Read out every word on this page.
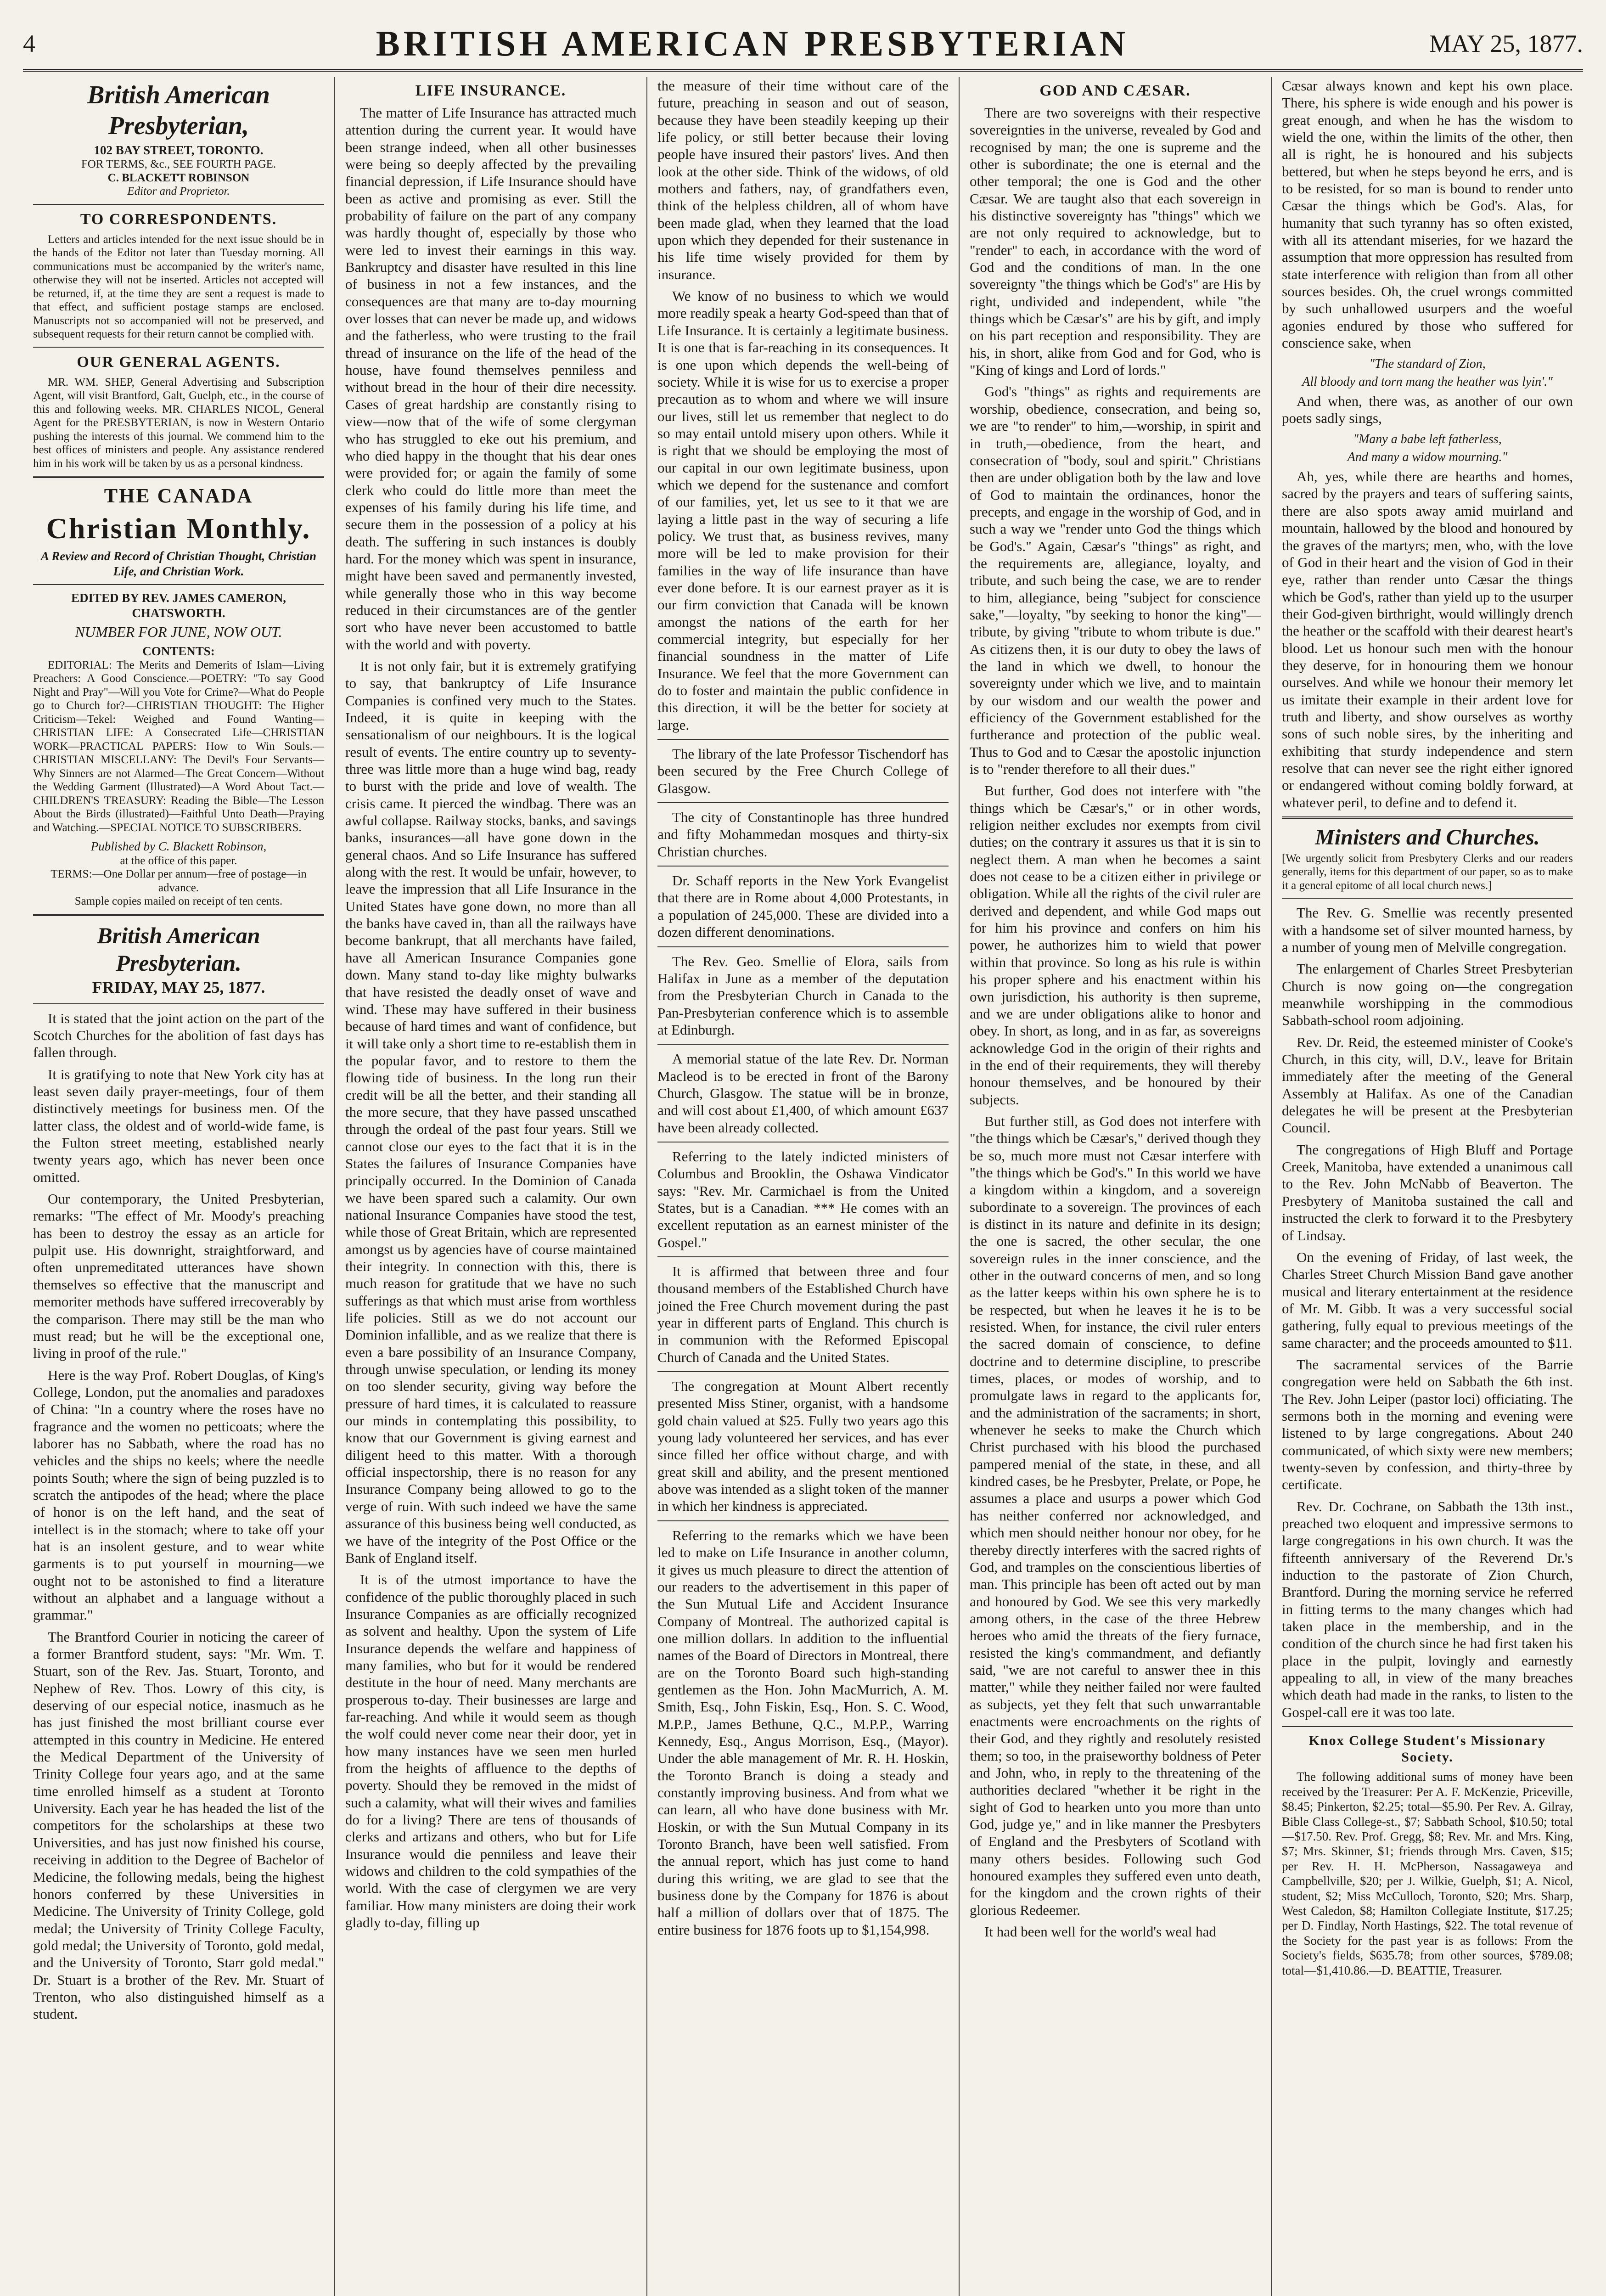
4	BRITISH AMERICAN PRESBYTERIAN	MAY 25, 1877.
British American Presbyterian,
102 BAY STREET, TORONTO.
FOR TERMS, &c., SEE FOURTH PAGE.
C. BLACKETT ROBINSON
Editor and Proprietor.
TO CORRESPONDENTS.

Letters and articles intended for the next issue should be in the hands of the Editor not later than Tuesday morning. All communications must be accompanied by the writer's name, otherwise they will not be inserted. Articles not accepted will be returned, if, at the time they are sent a request is made to that effect, and sufficient postage stamps are enclosed. Manuscripts not so accompanied will not be preserved, and subsequent requests for their return cannot be complied with.

OUR GENERAL AGENTS.

MR. WM. SHEP, General Advertising and Subscription Agent, will visit Brantford, Galt, Guelph, etc., in the course of this and following weeks. MR. CHARLES NICOL, General Agent for the PRESBYTERIAN, is now in Western Ontario pushing the interests of this journal. We commend him to the best offices of ministers and people. Any assistance rendered him in his work will be taken by us as a personal kindness.

THE CANADA
Christian Monthly.
A Review and Record of Christian Thought, Christian Life, and Christian Work.
EDITED BY REV. JAMES CAMERON, CHATSWORTH.
NUMBER FOR JUNE, NOW OUT.
CONTENTS:

EDITORIAL: The Merits and Demerits of Islam—Living Preachers: A Good Conscience.—POETRY: "To say Good Night and Pray"—Will you Vote for Crime?—What do People go to Church for?—CHRISTIAN THOUGHT: The Higher Criticism—Tekel: Weighed and Found Wanting—CHRISTIAN LIFE: A Consecrated Life—CHRISTIAN WORK—PRACTICAL PAPERS: How to Win Souls.—CHRISTIAN MISCELLANY: The Devil's Four Servants—Why Sinners are not Alarmed—The Great Concern—Without the Wedding Garment (Illustrated)—A Word About Tact.—CHILDREN'S TREASURY: Reading the Bible—The Lesson About the Birds (illustrated)—Faithful Unto Death—Praying and Watching.—SPECIAL NOTICE TO SUBSCRIBERS.

Published by C. Blackett Robinson,
at the office of this paper.
TERMS:—One Dollar per annum—free of postage—in advance.
Sample copies mailed on receipt of ten cents.
British American Presbyterian.
FRIDAY, MAY 25, 1877.

It is stated that the joint action on the part of the Scotch Churches for the abolition of fast days has fallen through.

It is gratifying to note that New York city has at least seven daily prayer-meetings, four of them distinctively meetings for business men. Of the latter class, the oldest and of world-wide fame, is the Fulton street meeting, established nearly twenty years ago, which has never been once omitted.

Our contemporary, the United Presbyterian, remarks: "The effect of Mr. Moody's preaching has been to destroy the essay as an article for pulpit use. His downright, straightforward, and often unpremeditated utterances have shown themselves so effective that the manuscript and memoriter methods have suffered irrecoverably by the comparison. There may still be the man who must read; but he will be the exceptional one, living in proof of the rule."

Here is the way Prof. Robert Douglas, of King's College, London, put the anomalies and paradoxes of China: "In a country where the roses have no fragrance and the women no petticoats; where the laborer has no Sabbath, where the road has no vehicles and the ships no keels; where the needle points South; where the sign of being puzzled is to scratch the antipodes of the head; where the place of honor is on the left hand, and the seat of intellect is in the stomach; where to take off your hat is an insolent gesture, and to wear white garments is to put yourself in mourning—we ought not to be astonished to find a literature without an alphabet and a language without a grammar."

The Brantford Courier in noticing the career of a former Brantford student, says: "Mr. Wm. T. Stuart, son of the Rev. Jas. Stuart, Toronto, and Nephew of Rev. Thos. Lowry of this city, is deserving of our especial notice, inasmuch as he has just finished the most brilliant course ever attempted in this country in Medicine. He entered the Medical Department of the University of Trinity College four years ago, and at the same time enrolled himself as a student at Toronto University. Each year he has headed the list of the competitors for the scholarships at these two Universities, and has just now finished his course, receiving in addition to the Degree of Bachelor of Medicine, the following medals, being the highest honors conferred by these Universities in Medicine. The University of Trinity College, gold medal; the University of Trinity College Faculty, gold medal; the University of Toronto, gold medal, and the University of Toronto, Starr gold medal." Dr. Stuart is a brother of the Rev. Mr. Stuart of Trenton, who also distinguished himself as a student.

LIFE INSURANCE.

The matter of Life Insurance has attracted much attention during the current year. It would have been strange indeed, when all other businesses were being so deeply affected by the prevailing financial depression, if Life Insurance should have been as active and promising as ever. Still the probability of failure on the part of any company was hardly thought of, especially by those who were led to invest their earnings in this way. Bankruptcy and disaster have resulted in this line of business in not a few instances, and the consequences are that many are to-day mourning over losses that can never be made up, and widows and the fatherless, who were trusting to the frail thread of insurance on the life of the head of the house, have found themselves penniless and without bread in the hour of their dire necessity. Cases of great hardship are constantly rising to view—now that of the wife of some clergyman who has struggled to eke out his premium, and who died happy in the thought that his dear ones were provided for; or again the family of some clerk who could do little more than meet the expenses of his family during his life time, and secure them in the possession of a policy at his death. The suffering in such instances is doubly hard. For the money which was spent in insurance, might have been saved and permanently invested, while generally those who in this way become reduced in their circumstances are of the gentler sort who have never been accustomed to battle with the world and with poverty.

It is not only fair, but it is extremely gratifying to say, that bankruptcy of Life Insurance Companies is confined very much to the States. Indeed, it is quite in keeping with the sensationalism of our neighbours. It is the logical result of events. The entire country up to seventy-three was little more than a huge wind bag, ready to burst with the pride and love of wealth. The crisis came. It pierced the windbag. There was an awful collapse. Railway stocks, banks, and savings banks, insurances—all have gone down in the general chaos. And so Life Insurance has suffered along with the rest. It would be unfair, however, to leave the impression that all Life Insurance in the United States have gone down, no more than all the banks have caved in, than all the railways have become bankrupt, that all merchants have failed, have all American Insurance Companies gone down. Many stand to-day like mighty bulwarks that have resisted the deadly onset of wave and wind. These may have suffered in their business because of hard times and want of confidence, but it will take only a short time to re-establish them in the popular favor, and to restore to them the flowing tide of business. In the long run their credit will be all the better, and their standing all the more secure, that they have passed unscathed through the ordeal of the past four years. Still we cannot close our eyes to the fact that it is in the States the failures of Insurance Companies have principally occurred. In the Dominion of Canada we have been spared such a calamity. Our own national Insurance Companies have stood the test, while those of Great Britain, which are represented amongst us by agencies have of course maintained their integrity. In connection with this, there is much reason for gratitude that we have no such sufferings as that which must arise from worthless life policies. Still as we do not account our Dominion infallible, and as we realize that there is even a bare possibility of an Insurance Company, through unwise speculation, or lending its money on too slender security, giving way before the pressure of hard times, it is calculated to reassure our minds in contemplating this possibility, to know that our Government is giving earnest and diligent heed to this matter. With a thorough official inspectorship, there is no reason for any Insurance Company being allowed to go to the verge of ruin. With such indeed we have the same assurance of this business being well conducted, as we have of the integrity of the Post Office or the Bank of England itself.

It is of the utmost importance to have the confidence of the public thoroughly placed in such Insurance Companies as are officially recognized as solvent and healthy. Upon the system of Life Insurance depends the welfare and happiness of many families, who but for it would be rendered destitute in the hour of need. Many merchants are prosperous to-day. Their businesses are large and far-reaching. And while it would seem as though the wolf could never come near their door, yet in how many instances have we seen men hurled from the heights of affluence to the depths of poverty. Should they be removed in the midst of such a calamity, what will their wives and families do for a living? There are tens of thousands of clerks and artizans and others, who but for Life Insurance would die penniless and leave their widows and children to the cold sympathies of the world. With the case of clergymen we are very familiar. How many ministers are doing their work gladly to-day, filling up

the measure of their time without care of the future, preaching in season and out of season, because they have been steadily keeping up their life policy, or still better because their loving people have insured their pastors' lives. And then look at the other side. Think of the widows, of old mothers and fathers, nay, of grandfathers even, think of the helpless children, all of whom have been made glad, when they learned that the load upon which they depended for their sustenance in his life time wisely provided for them by insurance.

We know of no business to which we would more readily speak a hearty God-speed than that of Life Insurance. It is certainly a legitimate business. It is one that is far-reaching in its consequences. It is one upon which depends the well-being of society. While it is wise for us to exercise a proper precaution as to whom and where we will insure our lives, still let us remember that neglect to do so may entail untold misery upon others. While it is right that we should be employing the most of our capital in our own legitimate business, upon which we depend for the sustenance and comfort of our families, yet, let us see to it that we are laying a little past in the way of securing a life policy. We trust that, as business revives, many more will be led to make provision for their families in the way of life insurance than have ever done before. It is our earnest prayer as it is our firm conviction that Canada will be known amongst the nations of the earth for her commercial integrity, but especially for her financial soundness in the matter of Life Insurance. We feel that the more Government can do to foster and maintain the public confidence in this direction, it will be the better for society at large.

The library of the late Professor Tischendorf has been secured by the Free Church College of Glasgow.

The city of Constantinople has three hundred and fifty Mohammedan mosques and thirty-six Christian churches.

Dr. Schaff reports in the New York Evangelist that there are in Rome about 4,000 Protestants, in a population of 245,000. These are divided into a dozen different denominations.

The Rev. Geo. Smellie of Elora, sails from Halifax in June as a member of the deputation from the Presbyterian Church in Canada to the Pan-Presbyterian conference which is to assemble at Edinburgh.

A memorial statue of the late Rev. Dr. Norman Macleod is to be erected in front of the Barony Church, Glasgow. The statue will be in bronze, and will cost about £1,400, of which amount £637 have been already collected.

Referring to the lately indicted ministers of Columbus and Brooklin, the Oshawa Vindicator says: "Rev. Mr. Carmichael is from the United States, but is a Canadian. *** He comes with an excellent reputation as an earnest minister of the Gospel."

It is affirmed that between three and four thousand members of the Established Church have joined the Free Church movement during the past year in different parts of England. This church is in communion with the Reformed Episcopal Church of Canada and the United States.

The congregation at Mount Albert recently presented Miss Stiner, organist, with a handsome gold chain valued at $25. Fully two years ago this young lady volunteered her services, and has ever since filled her office without charge, and with great skill and ability, and the present mentioned above was intended as a slight token of the manner in which her kindness is appreciated.

Referring to the remarks which we have been led to make on Life Insurance in another column, it gives us much pleasure to direct the attention of our readers to the advertisement in this paper of the Sun Mutual Life and Accident Insurance Company of Montreal. The authorized capital is one million dollars. In addition to the influential names of the Board of Directors in Montreal, there are on the Toronto Board such high-standing gentlemen as the Hon. John MacMurrich, A. M. Smith, Esq., John Fiskin, Esq., Hon. S. C. Wood, M.P.P., James Bethune, Q.C., M.P.P., Warring Kennedy, Esq., Angus Morrison, Esq., (Mayor). Under the able management of Mr. R. H. Hoskin, the Toronto Branch is doing a steady and constantly improving business. And from what we can learn, all who have done business with Mr. Hoskin, or with the Sun Mutual Company in its Toronto Branch, have been well satisfied. From the annual report, which has just come to hand during this writing, we are glad to see that the business done by the Company for 1876 is about half a million of dollars over that of 1875. The entire business for 1876 foots up to $1,154,998.

GOD AND CÆSAR.

There are two sovereigns with their respective sovereignties in the universe, revealed by God and recognised by man; the one is supreme and the other is subordinate; the one is eternal and the other temporal; the one is God and the other Cæsar. We are taught also that each sovereign in his distinctive sovereignty has "things" which we are not only required to acknowledge, but to "render" to each, in accordance with the word of God and the conditions of man. In the one sovereignty "the things which be God's" are His by right, undivided and independent, while "the things which be Cæsar's" are his by gift, and imply on his part reception and responsibility. They are his, in short, alike from God and for God, who is "King of kings and Lord of lords."

God's "things" as rights and requirements are worship, obedience, consecration, and being so, we are "to render" to him,—worship, in spirit and in truth,—obedience, from the heart, and consecration of "body, soul and spirit." Christians then are under obligation both by the law and love of God to maintain the ordinances, honor the precepts, and engage in the worship of God, and in such a way we "render unto God the things which be God's." Again, Cæsar's "things" as right, and the requirements are, allegiance, loyalty, and tribute, and such being the case, we are to render to him, allegiance, being "subject for conscience sake,"—loyalty, "by seeking to honor the king"—tribute, by giving "tribute to whom tribute is due." As citizens then, it is our duty to obey the laws of the land in which we dwell, to honour the sovereignty under which we live, and to maintain by our wisdom and our wealth the power and efficiency of the Government established for the furtherance and protection of the public weal. Thus to God and to Cæsar the apostolic injunction is to "render therefore to all their dues."

But further, God does not interfere with "the things which be Cæsar's," or in other words, religion neither excludes nor exempts from civil duties; on the contrary it assures us that it is sin to neglect them. A man when he becomes a saint does not cease to be a citizen either in privilege or obligation. While all the rights of the civil ruler are derived and dependent, and while God maps out for him his province and confers on him his power, he authorizes him to wield that power within that province. So long as his rule is within his proper sphere and his enactment within his own jurisdiction, his authority is then supreme, and we are under obligations alike to honor and obey. In short, as long, and in as far, as sovereigns acknowledge God in the origin of their rights and in the end of their requirements, they will thereby honour themselves, and be honoured by their subjects.

But further still, as God does not interfere with "the things which be Cæsar's," derived though they be so, much more must not Cæsar interfere with "the things which be God's." In this world we have a kingdom within a kingdom, and a sovereign subordinate to a sovereign. The provinces of each is distinct in its nature and definite in its design; the one is sacred, the other secular, the one sovereign rules in the inner conscience, and the other in the outward concerns of men, and so long as the latter keeps within his own sphere he is to be respected, but when he leaves it he is to be resisted. When, for instance, the civil ruler enters the sacred domain of conscience, to define doctrine and to determine discipline, to prescribe times, places, or modes of worship, and to promulgate laws in regard to the applicants for, and the administration of the sacraments; in short, whenever he seeks to make the Church which Christ purchased with his blood the purchased pampered menial of the state, in these, and all kindred cases, be he Presbyter, Prelate, or Pope, he assumes a place and usurps a power which God has neither conferred nor acknowledged, and which men should neither honour nor obey, for he thereby directly interferes with the sacred rights of God, and tramples on the conscientious liberties of man. This principle has been oft acted out by man and honoured by God. We see this very markedly among others, in the case of the three Hebrew heroes who amid the threats of the fiery furnace, resisted the king's commandment, and defiantly said, "we are not careful to answer thee in this matter," while they neither failed nor were faulted as subjects, yet they felt that such unwarrantable enactments were encroachments on the rights of their God, and they rightly and resolutely resisted them; so too, in the praiseworthy boldness of Peter and John, who, in reply to the threatening of the authorities declared "whether it be right in the sight of God to hearken unto you more than unto God, judge ye," and in like manner the Presbyters of England and the Presbyters of Scotland with many others besides. Following such God honoured examples they suffered even unto death, for the kingdom and the crown rights of their glorious Redeemer.

It had been well for the world's weal had

Cæsar always known and kept his own place. There, his sphere is wide enough and his power is great enough, and when he has the wisdom to wield the one, within the limits of the other, then all is right, he is honoured and his subjects bettered, but when he steps beyond he errs, and is to be resisted, for so man is bound to render unto Cæsar the things which be God's. Alas, for humanity that such tyranny has so often existed, with all its attendant miseries, for we hazard the assumption that more oppression has resulted from state interference with religion than from all other sources besides. Oh, the cruel wrongs committed by such unhallowed usurpers and the woeful agonies endured by those who suffered for conscience sake, when

"The standard of Zion,
All bloody and torn mang the heather was lyin'."

And when, there was, as another of our own poets sadly sings,

"Many a babe left fatherless,
And many a widow mourning."

Ah, yes, while there are hearths and homes, sacred by the prayers and tears of suffering saints, there are also spots away amid muirland and mountain, hallowed by the blood and honoured by the graves of the martyrs; men, who, with the love of God in their heart and the vision of God in their eye, rather than render unto Cæsar the things which be God's, rather than yield up to the usurper their God-given birthright, would willingly drench the heather or the scaffold with their dearest heart's blood. Let us honour such men with the honour they deserve, for in honouring them we honour ourselves. And while we honour their memory let us imitate their example in their ardent love for truth and liberty, and show ourselves as worthy sons of such noble sires, by the inheriting and exhibiting that sturdy independence and stern resolve that can never see the right either ignored or endangered without coming boldly forward, at whatever peril, to define and to defend it.

Ministers and Churches.

[We urgently solicit from Presbytery Clerks and our readers generally, items for this department of our paper, so as to make it a general epitome of all local church news.]

The Rev. G. Smellie was recently presented with a handsome set of silver mounted harness, by a number of young men of Melville congregation.

The enlargement of Charles Street Presbyterian Church is now going on—the congregation meanwhile worshipping in the commodious Sabbath-school room adjoining.

Rev. Dr. Reid, the esteemed minister of Cooke's Church, in this city, will, D.V., leave for Britain immediately after the meeting of the General Assembly at Halifax. As one of the Canadian delegates he will be present at the Presbyterian Council.

The congregations of High Bluff and Portage Creek, Manitoba, have extended a unanimous call to the Rev. John McNabb of Beaverton. The Presbytery of Manitoba sustained the call and instructed the clerk to forward it to the Presbytery of Lindsay.

On the evening of Friday, of last week, the Charles Street Church Mission Band gave another musical and literary entertainment at the residence of Mr. M. Gibb. It was a very successful social gathering, fully equal to previous meetings of the same character; and the proceeds amounted to $11.

The sacramental services of the Barrie congregation were held on Sabbath the 6th inst. The Rev. John Leiper (pastor loci) officiating. The sermons both in the morning and evening were listened to by large congregations. About 240 communicated, of which sixty were new members; twenty-seven by confession, and thirty-three by certificate.

Rev. Dr. Cochrane, on Sabbath the 13th inst., preached two eloquent and impressive sermons to large congregations in his own church. It was the fifteenth anniversary of the Reverend Dr.'s induction to the pastorate of Zion Church, Brantford. During the morning service he referred in fitting terms to the many changes which had taken place in the membership, and in the condition of the church since he had first taken his place in the pulpit, lovingly and earnestly appealing to all, in view of the many breaches which death had made in the ranks, to listen to the Gospel-call ere it was too late.

Knox College Student's Missionary Society.

The following additional sums of money have been received by the Treasurer: Per A. F. McKenzie, Priceville, $8.45; Pinkerton, $2.25; total—$5.90. Per Rev. A. Gilray, Bible Class College-st., $7; Sabbath School, $10.50; total—$17.50. Rev. Prof. Gregg, $8; Rev. Mr. and Mrs. King, $7; Mrs. Skinner, $1; friends through Mrs. Caven, $15; per Rev. H. H. McPherson, Nassagaweya and Campbellville, $20; per J. Wilkie, Guelph, $1; A. Nicol, student, $2; Miss McCulloch, Toronto, $20; Mrs. Sharp, West Caledon, $8; Hamilton Collegiate Institute, $17.25; per D. Findlay, North Hastings, $22. The total revenue of the Society for the past year is as follows: From the Society's fields, $635.78; from other sources, $789.08; total—$1,410.86.—D. BEATTIE, Treasurer.
